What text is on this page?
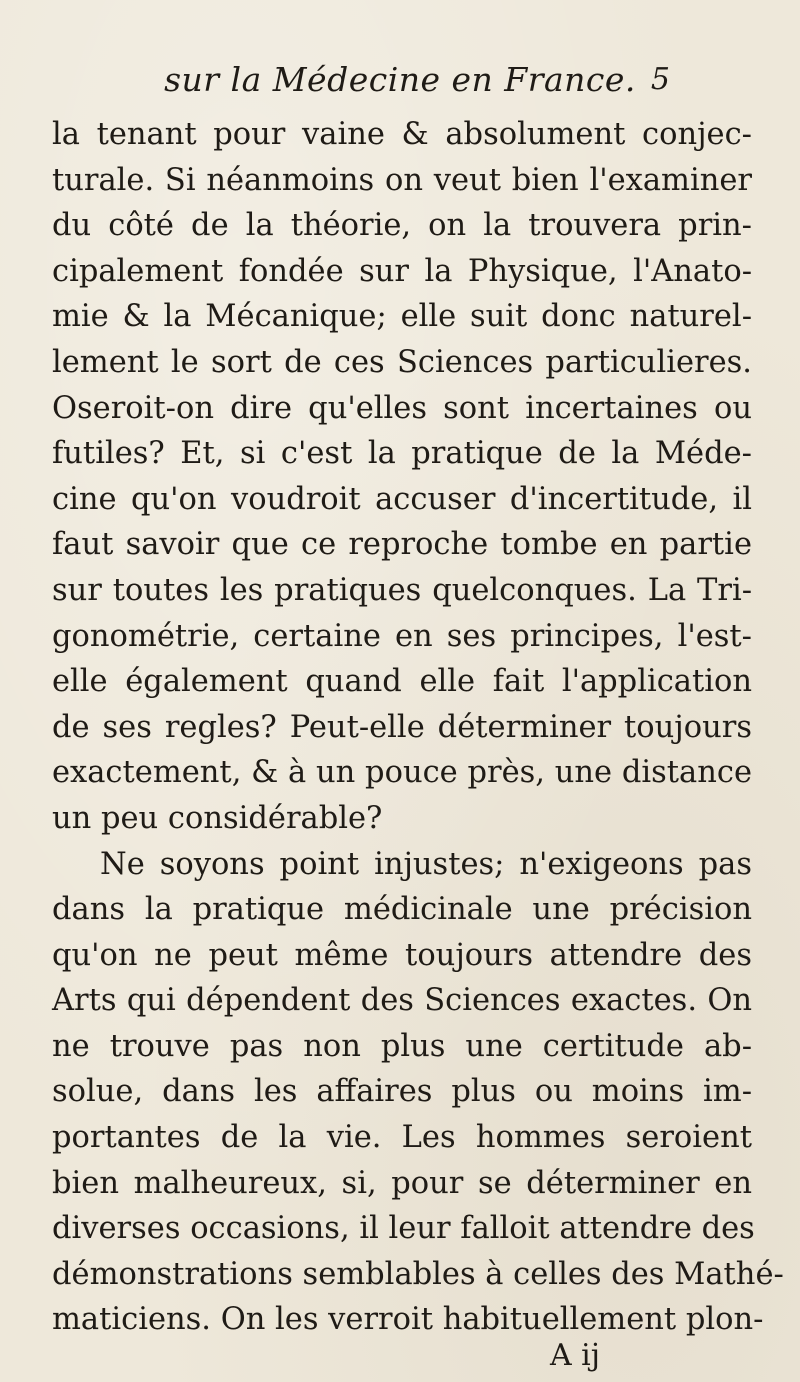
sur la Médecine en France. 5
la tenant pour vaine & absolument conjec-
turale. Si néanmoins on veut bien l'examiner
du côté de la théorie, on la trouvera prin-
cipalement fondée sur la Physique, l'Anato-
mie & la Mécanique; elle suit donc naturel-
lement le sort de ces Sciences particulieres.
Oseroit-on dire qu'elles sont incertaines ou
futiles? Et, si c'est la pratique de la Méde-
cine qu'on voudroit accuser d'incertitude, il
faut savoir que ce reproche tombe en partie
sur toutes les pratiques quelconques. La Tri-
gonométrie, certaine en ses principes, l'est-
elle également quand elle fait l'application
de ses regles? Peut-elle déterminer toujours
exactement, & à un pouce près, une distance
un peu considérable?
Ne soyons point injustes; n'exigeons pas
dans la pratique médicinale une précision
qu'on ne peut même toujours attendre des
Arts qui dépendent des Sciences exactes. On
ne trouve pas non plus une certitude ab-
solue, dans les affaires plus ou moins im-
portantes de la vie. Les hommes seroient
bien malheureux, si, pour se déterminer en
diverses occasions, il leur falloit attendre des
démonstrations semblables à celles des Mathé-
maticiens. On les verroit habituellement plon-
A ij
